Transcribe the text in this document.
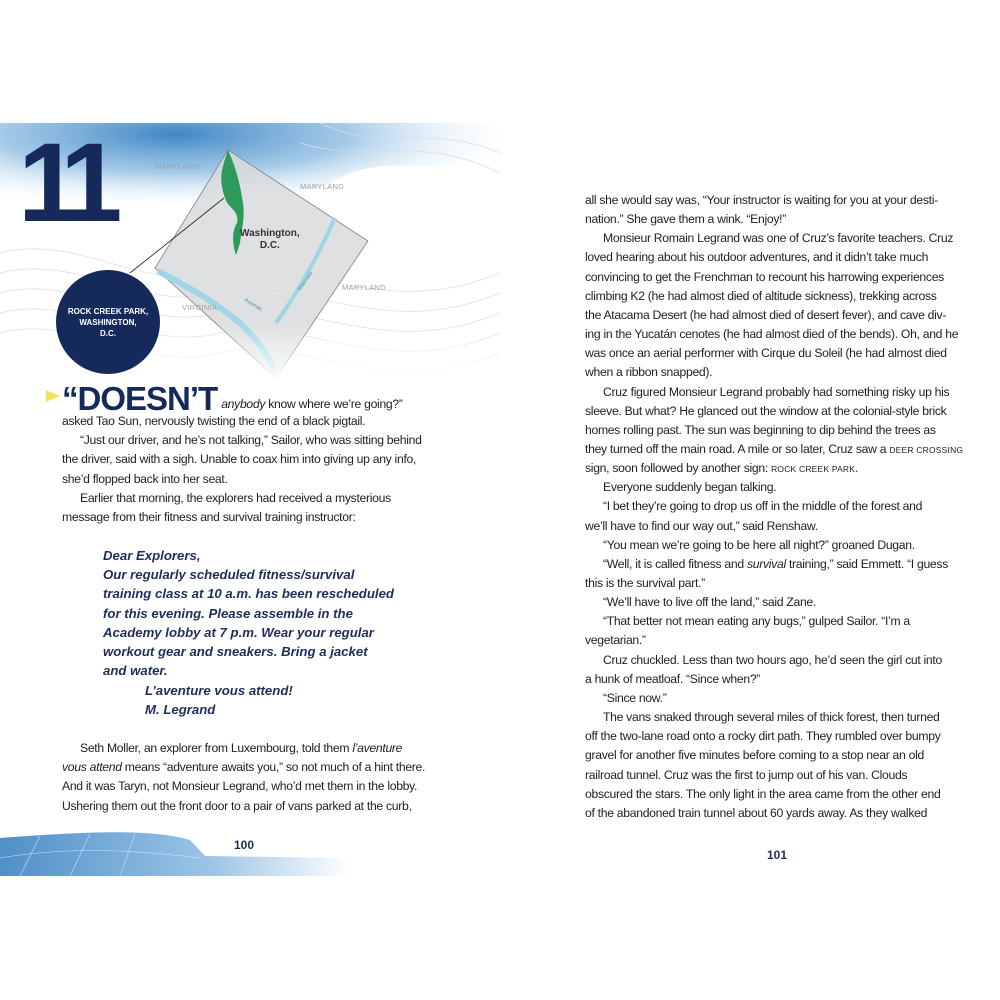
Potomac
Anacostia
MARYLAND
MARYLAND
MARYLAND
VIRGINIA
Washington,
D.C.
11
ROCK CREEK PARK,
WASHINGTON,
D.C.
“DOESN’T anybody know where we’re going?”
asked Tao Sun, nervously twisting the end of a black pigtail.
“Just our driver, and he’s not talking,” Sailor, who was sitting behind
the driver, said with a sigh. Unable to coax him into giving up any info,
she’d flopped back into her seat.
Earlier that morning, the explorers had received a mysterious
message from their fitness and survival training instructor:
Dear Explorers,
Our regularly scheduled fitness/survival
training class at 10 a.m. has been rescheduled
for this evening. Please assemble in the
Academy lobby at 7 p.m. Wear your regular
workout gear and sneakers. Bring a jacket
and water.
L’aventure vous attend!
M. Legrand
Seth Moller, an explorer from Luxembourg, told them l’aventure
vous attend means “adventure awaits you,” so not much of a hint there.
And it was Taryn, not Monsieur Legrand, who’d met them in the lobby.
Ushering them out the front door to a pair of vans parked at the curb,
100
all she would say was, “Your instructor is waiting for you at your desti-
nation.” She gave them a wink. “Enjoy!”
Monsieur Romain Legrand was one of Cruz’s favorite teachers. Cruz
loved hearing about his outdoor adventures, and it didn’t take much
convincing to get the Frenchman to recount his harrowing experiences
climbing K2 (he had almost died of altitude sickness), trekking across
the Atacama Desert (he had almost died of desert fever), and cave div-
ing in the Yucatán cenotes (he had almost died of the bends). Oh, and he
was once an aerial performer with Cirque du Soleil (he had almost died
when a ribbon snapped).
Cruz figured Monsieur Legrand probably had something risky up his
sleeve. But what? He glanced out the window at the colonial-style brick
homes rolling past. The sun was beginning to dip behind the trees as
they turned off the main road. A mile or so later, Cruz saw a DEER CROSSING
sign, soon followed by another sign: ROCK CREEK PARK.
Everyone suddenly began talking.
“I bet they’re going to drop us off in the middle of the forest and
we’ll have to find our way out,” said Renshaw.
“You mean we’re going to be here all night?” groaned Dugan.
“Well, it is called fitness and survival training,” said Emmett. “I guess
this is the survival part.”
“We’ll have to live off the land,” said Zane.
“That better not mean eating any bugs,” gulped Sailor. “I’m a
vegetarian.”
Cruz chuckled. Less than two hours ago, he’d seen the girl cut into
a hunk of meatloaf. “Since when?”
“Since now.”
The vans snaked through several miles of thick forest, then turned
off the two-lane road onto a rocky dirt path. They rumbled over bumpy
gravel for another five minutes before coming to a stop near an old
railroad tunnel. Cruz was the first to jump out of his van. Clouds
obscured the stars. The only light in the area came from the other end
of the abandoned train tunnel about 60 yards away. As they walked
101
